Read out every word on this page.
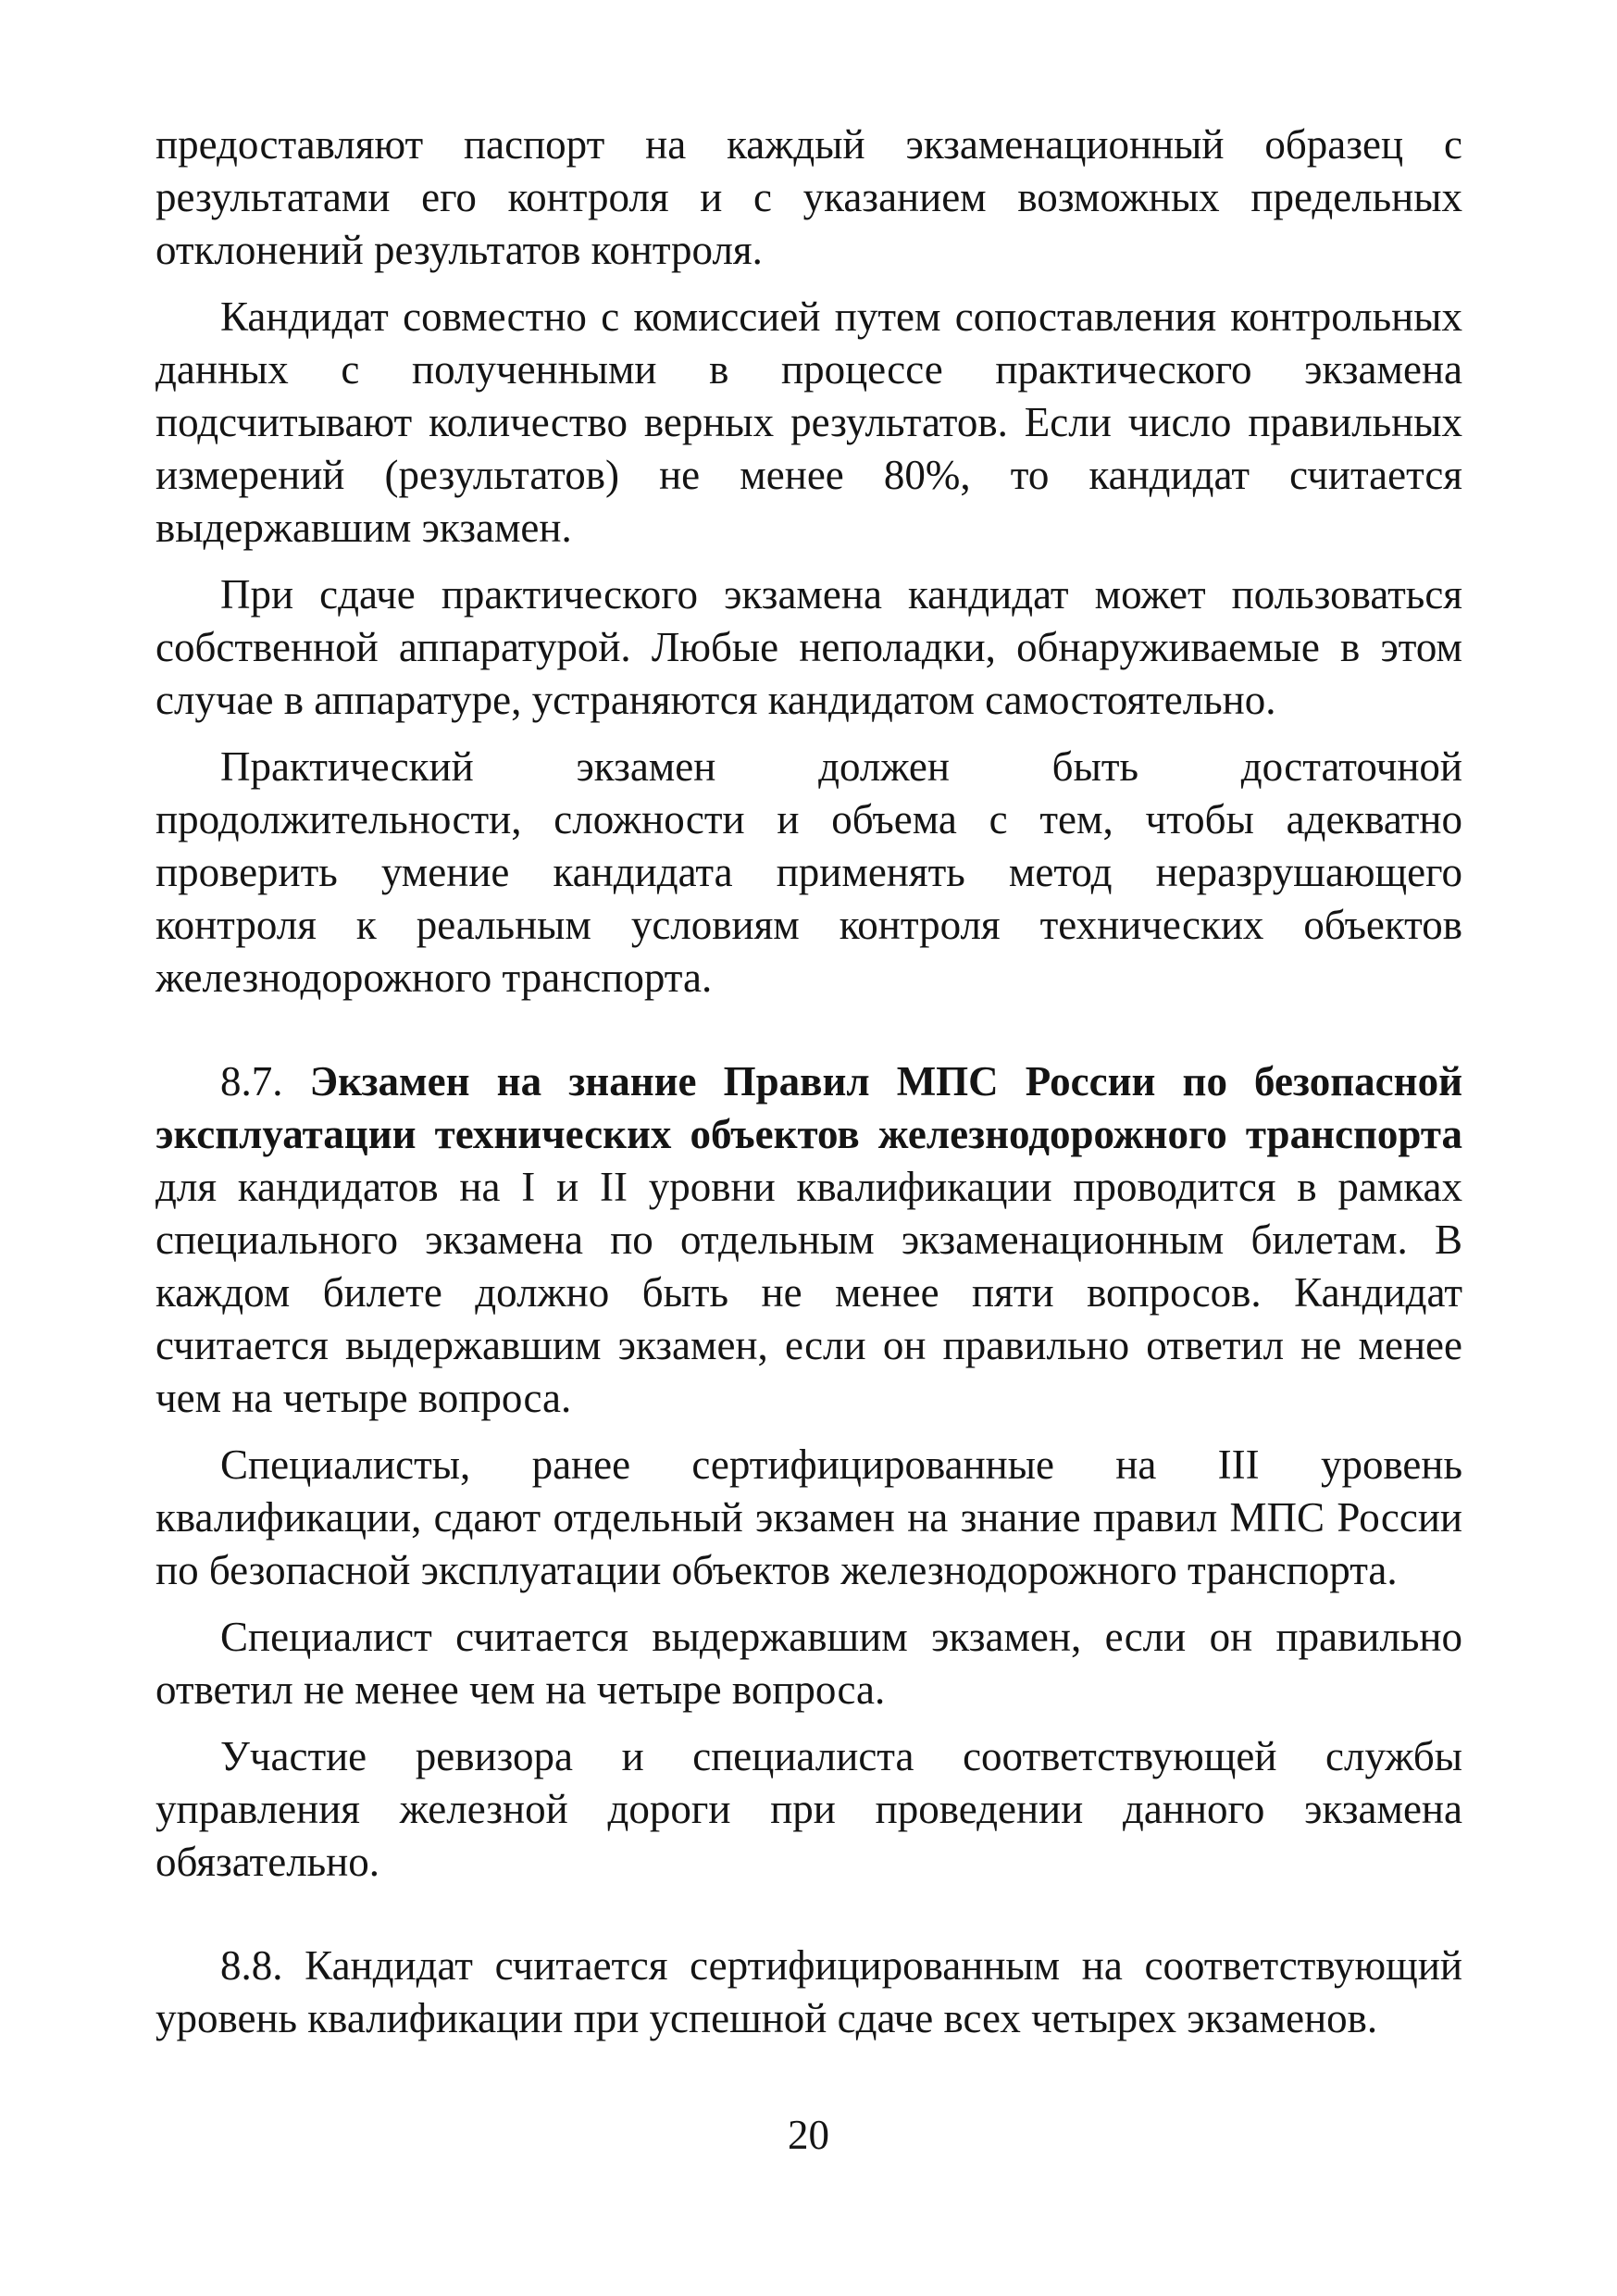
предоставляют паспорт на каждый экзаменационный образец с результатами его контроля и с указанием возможных предельных отклонений результатов контроля.

Кандидат совместно с комиссией путем сопоставления контрольных данных с полученными в процессе практического экзамена подсчитывают количество верных результатов. Если число правильных измерений (результатов) не менее 80%, то кандидат считается выдержавшим экзамен.

При сдаче практического экзамена кандидат может пользоваться собственной аппаратурой. Любые неполадки, обнаруживаемые в этом случае в аппаратуре, устраняются кандидатом самостоятельно.

Практический экзамен должен быть достаточной продолжительности, сложности и объема с тем, чтобы адекватно проверить умение кандидата применять метод неразрушающего контроля к реальным условиям контроля технических объектов железнодорожного транспорта.

8.7. Экзамен на знание Правил МПС России по безопасной эксплуатации технических объектов железнодорожного транспорта для кандидатов на I и II уровни квалификации проводится в рамках специального экзамена по отдельным экзаменационным билетам. В каждом билете должно быть не менее пяти вопросов. Кандидат считается выдержавшим экзамен, если он правильно ответил не менее чем на четыре вопроса.

Специалисты, ранее сертифицированные на III уровень квалификации, сдают отдельный экзамен на знание правил МПС России по безопасной эксплуатации объектов железнодорожного транспорта.

Специалист считается выдержавшим экзамен, если он правильно ответил не менее чем на четыре вопроса.

Участие ревизора и специалиста соответствующей службы управления железной дороги при проведении данного экзамена обязательно.

8.8. Кандидат считается сертифицированным на соответствующий уровень квалификации при успешной сдаче всех четырех экзаменов.

20
